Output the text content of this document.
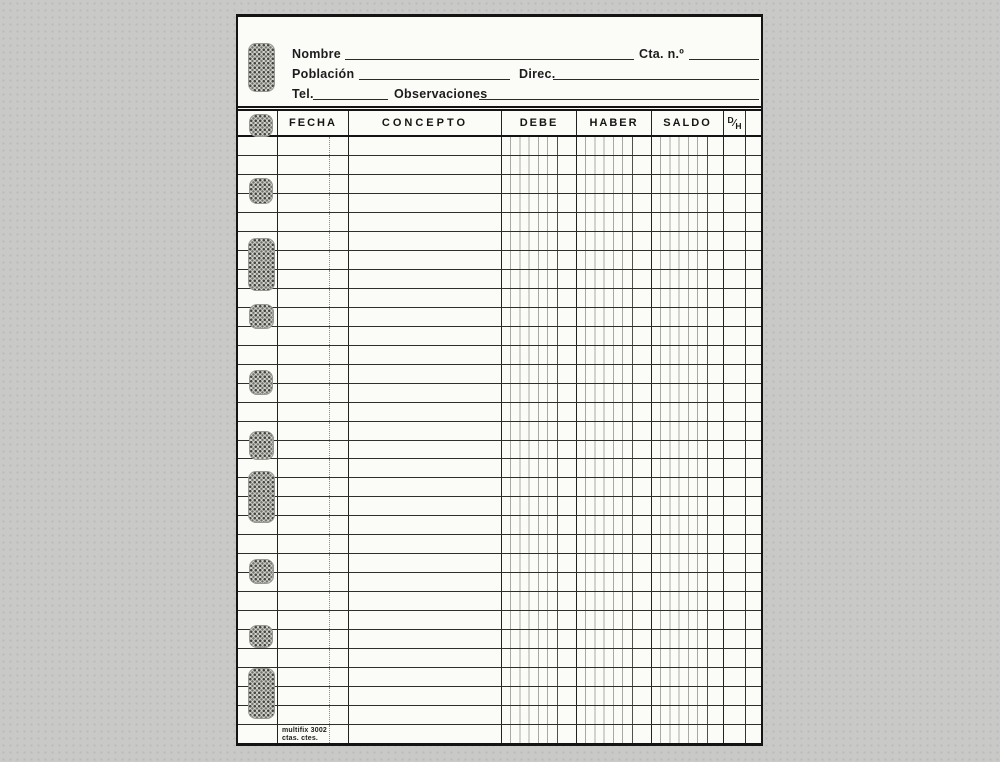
Nombre	Cta. n.º
Población	Direc.
Tel.	Observaciones
FECHA	CONCEPTO	DEBE	HABER	SALDO	D ⁄ H
multifix 3002
ctas. ctes.
